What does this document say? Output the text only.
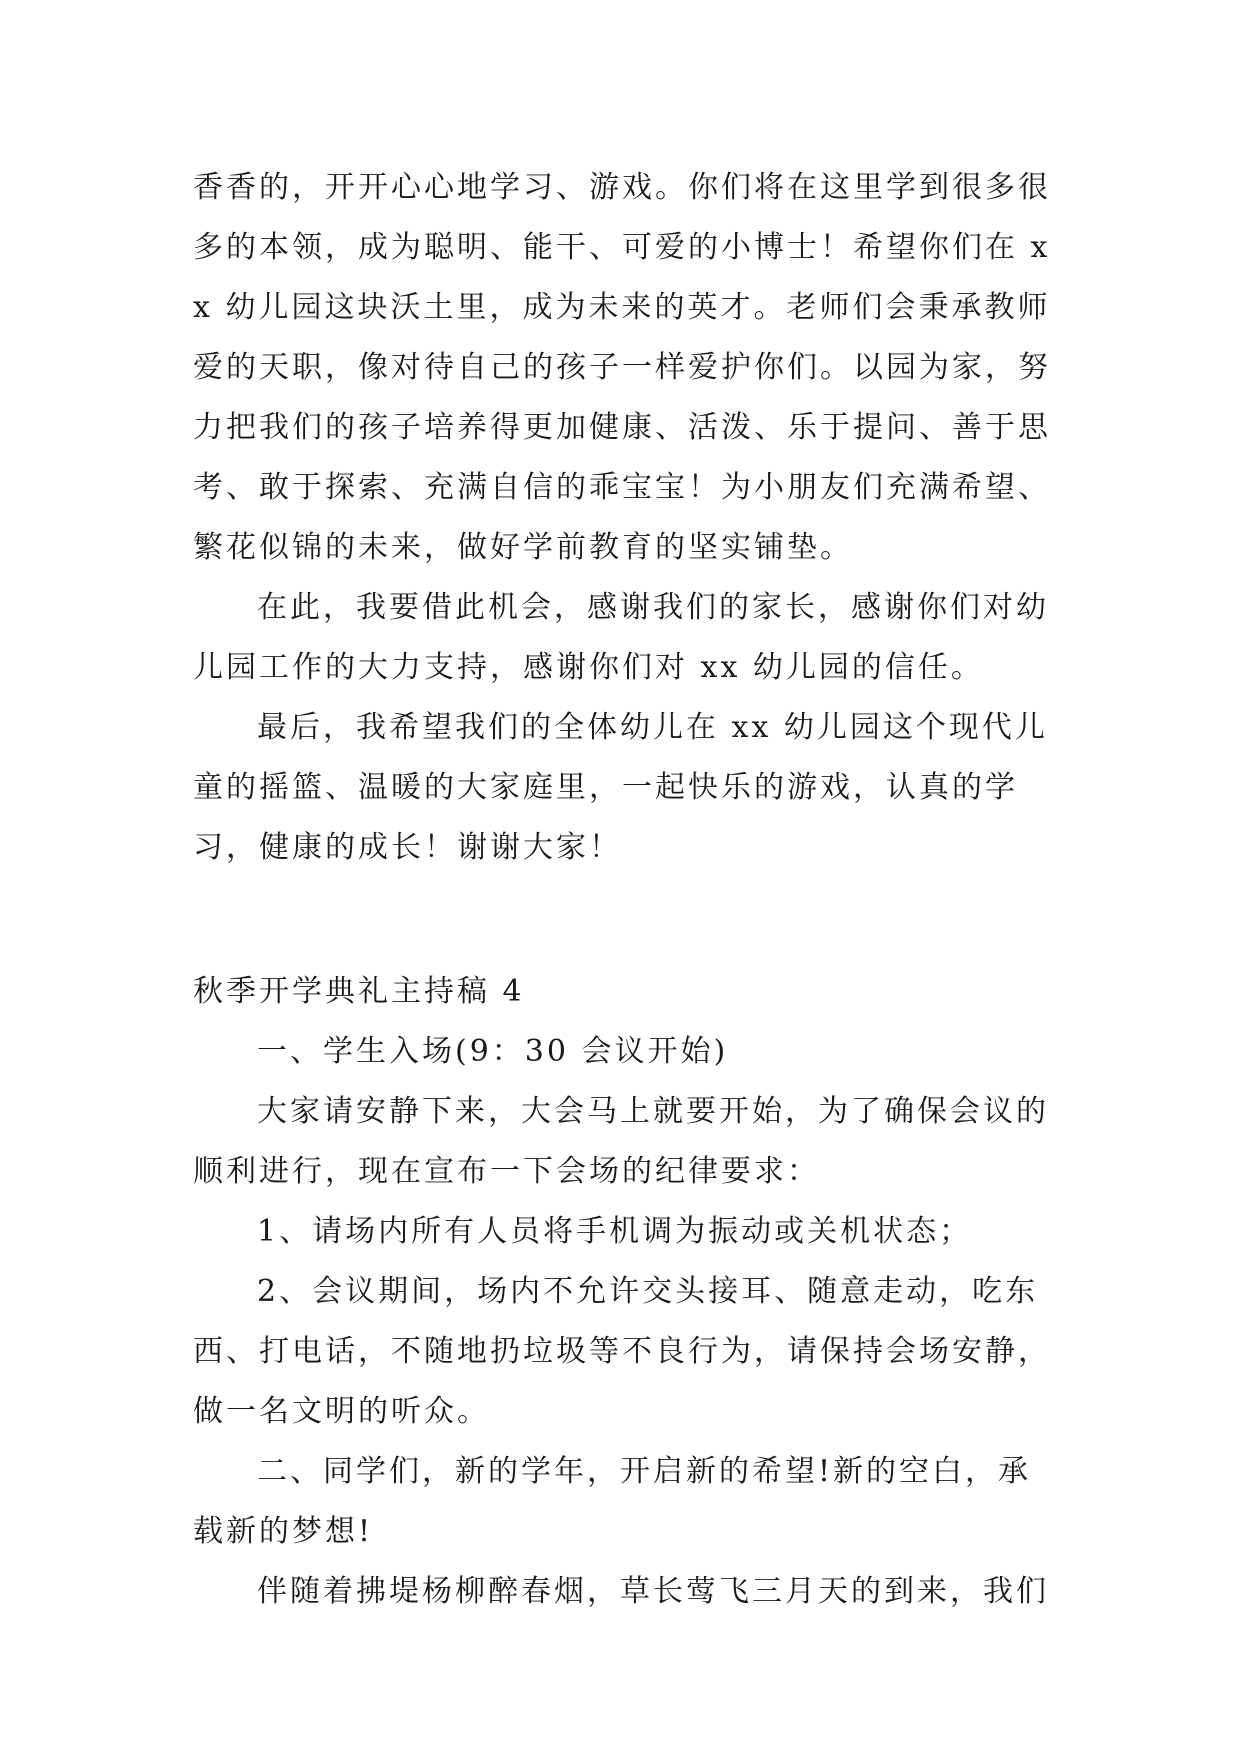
香香的，开开心心地学习、游戏。你们将在这里学到很多很多的本领，成为聪明、能干、可爱的小博士！希望你们在 xx 幼儿园这块沃土里，成为未来的英才。老师们会秉承教师爱的天职，像对待自己的孩子一样爱护你们。以园为家，努力把我们的孩子培养得更加健康、活泼、乐于提问、善于思考、敢于探索、充满自信的乖宝宝！为小朋友们充满希望、繁花似锦的未来，做好学前教育的坚实铺垫。

在此，我要借此机会，感谢我们的家长，感谢你们对幼儿园工作的大力支持，感谢你们对 xx 幼儿园的信任。

最后，我希望我们的全体幼儿在 xx 幼儿园这个现代儿童的摇篮、温暖的大家庭里，一起快乐的游戏，认真的学习，健康的成长！谢谢大家！

秋季开学典礼主持稿 4

一、学生入场(9：30 会议开始)

大家请安静下来，大会马上就要开始，为了确保会议的顺利进行，现在宣布一下会场的纪律要求：

1、请场内所有人员将手机调为振动或关机状态；

2、会议期间，场内不允许交头接耳、随意走动，吃东西、打电话，不随地扔垃圾等不良行为，请保持会场安静，做一名文明的听众。

二、同学们，新的学年，开启新的希望!新的空白，承载新的梦想!

伴随着拂堤杨柳醉春烟，草长莺飞三月天的到来，我们
